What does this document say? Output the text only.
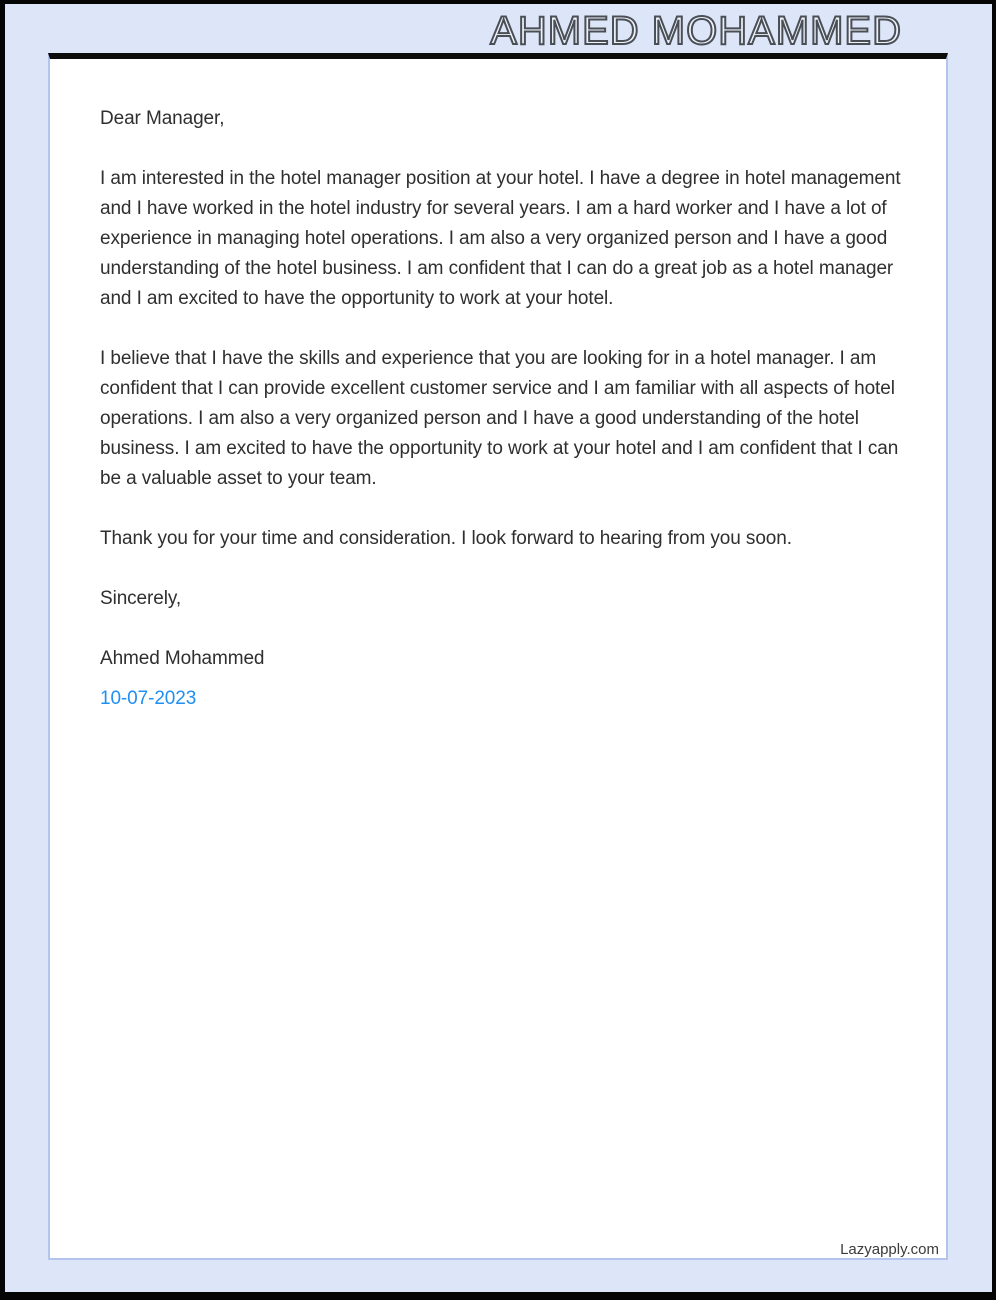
AHMED MOHAMMED

Dear Manager,

I am interested in the hotel manager position at your hotel. I have a degree in hotel management and I have worked in the hotel industry for several years. I am a hard worker and I have a lot of experience in managing hotel operations. I am also a very organized person and I have a good understanding of the hotel business. I am confident that I can do a great job as a hotel manager and I am excited to have the opportunity to work at your hotel.

I believe that I have the skills and experience that you are looking for in a hotel manager. I am confident that I can provide excellent customer service and I am familiar with all aspects of hotel operations. I am also a very organized person and I have a good understanding of the hotel business. I am excited to have the opportunity to work at your hotel and I am confident that I can be a valuable asset to your team.

Thank you for your time and consideration. I look forward to hearing from you soon.

Sincerely,

Ahmed Mohammed

10-07-2023

Lazyapply.com
